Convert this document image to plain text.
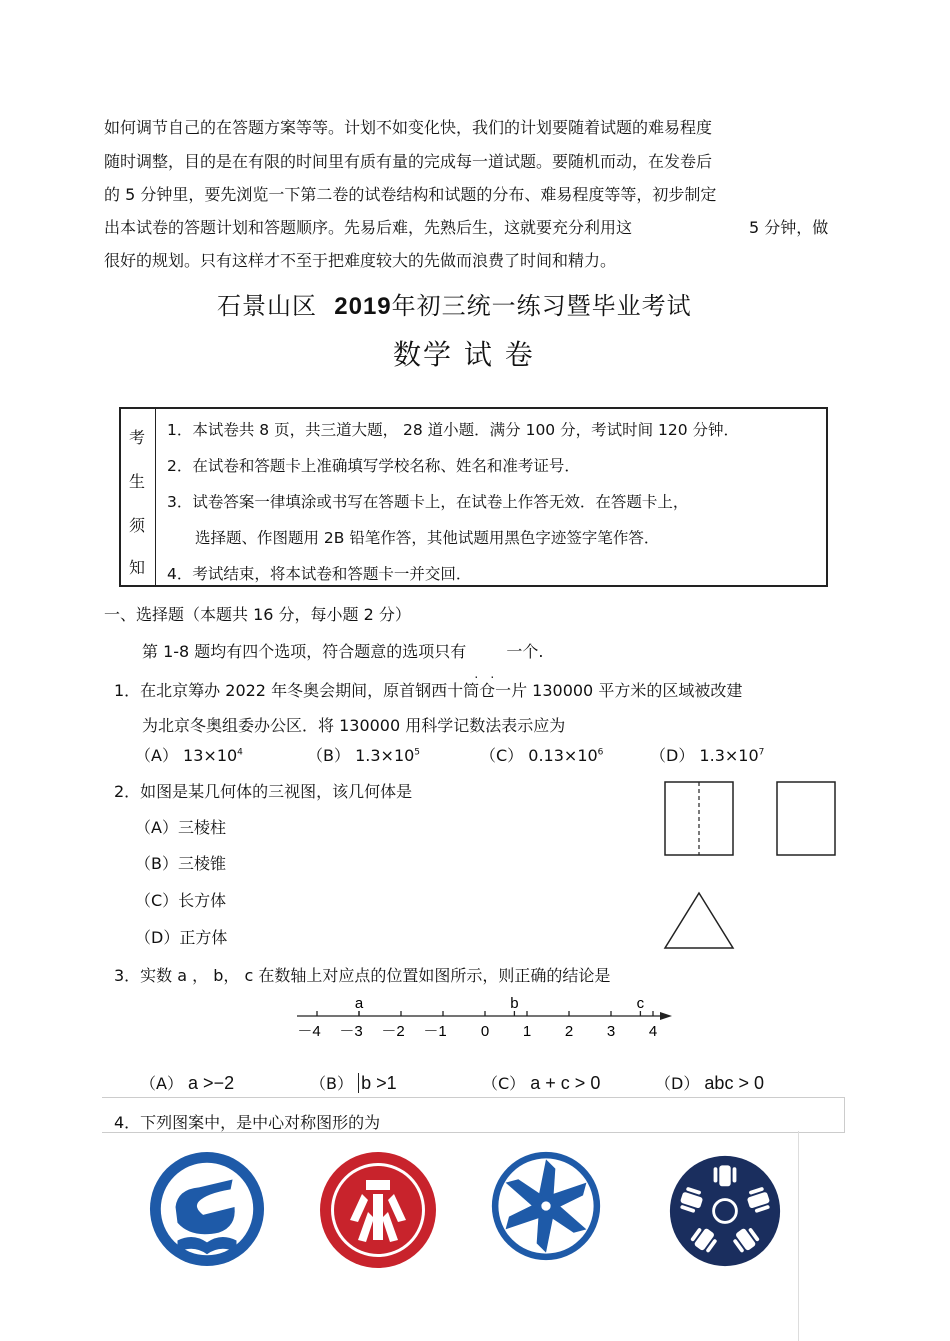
如何调节自己的在答题方案等等。计划不如变化快，我们的计划要随着试题的难易程度
随时调整，目的是在有限的时间里有质有量的完成每一道试题。要随机而动，在发卷后
的 5 分钟里，要先浏览一下第二卷的试卷结构和试题的分布、难易程度等等，初步制定
出本试卷的答题计划和答题顺序。先易后难，先熟后生，这就要充分利用这	5 分钟，做
很好的规划。只有这样才不至于把难度较大的先做而浪费了时间和精力。
石景山区 2019年初三统一练习暨毕业考试
数学 试 卷
考
生
须
知
1．本试卷共 8 页，共三道大题， 28 道小题．满分 100 分，考试时间 120 分钟．
2．在试卷和答题卡上准确填写学校名称、姓名和准考证号．
3．试卷答案一律填涂或书写在答题卡上，在试卷上作答无效．在答题卡上，
选择题、作图题用 2B 铅笔作答，其他试题用黑色字迹签字笔作答．
4．考试结束，将本试卷和答题卡一并交回．
一、选择题（本题共 16 分，每小题 2 分）
第 1-8 题均有四个选项，符合题意的选项只有
. .
一个.
1．在北京筹办 2022 年冬奥会期间，原首钢西十筒仓一片 130000 平方米的区域被改建
为北京冬奥组委办公区．将 130000 用科学记数法表示应为
（A） $13\times 10^4$	（B） $1.3\times 10^5$	（C） $0.13\times 10^6$	（D） $1.3\times 10^7$
2．如图是某几何体的三视图，该几何体是
（A）三棱柱
（B）三棱锥
（C）长方体
（D）正方体
3．实数 a ， b， c 在数轴上对应点的位置如图所示，则正确的结论是
－4 －3 －2 －1 0 1 2 3 4
a	b	c
（A） a >−2	（B） b >1	（C） a + c > 0	（D） abc > 0
4．下列图案中，是中心对称图形的为
